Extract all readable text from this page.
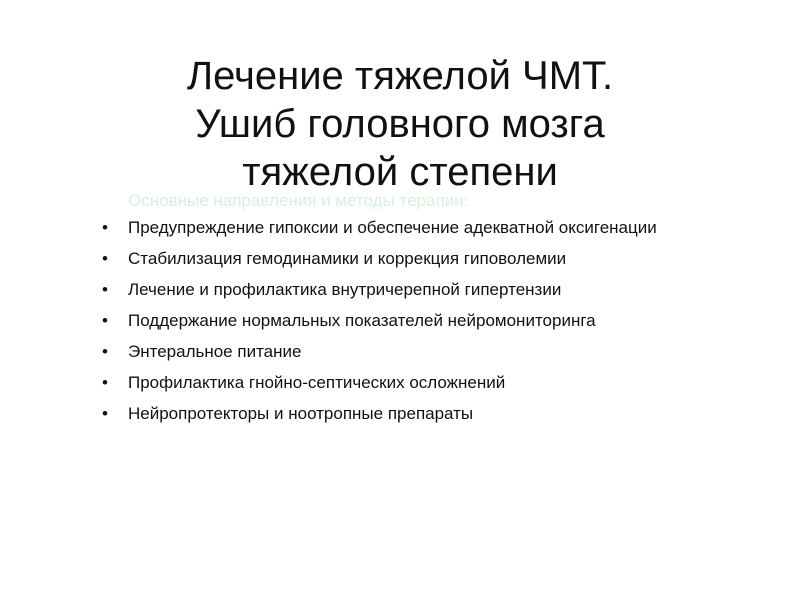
Лечение тяжелой ЧМТ.
Ушиб головного мозга
тяжелой степени

Основные направления и методы терапии:

• Предупреждение гипоксии и обеспечение адекватной оксигенации
• Стабилизация гемодинамики и коррекция гиповолемии
• Лечение и профилактика внутричерепной гипертензии
• Поддержание нормальных показателей нейромониторинга
• Энтеральное питание
• Профилактика гнойно-септических осложнений
• Нейропротекторы и ноотропные препараты
